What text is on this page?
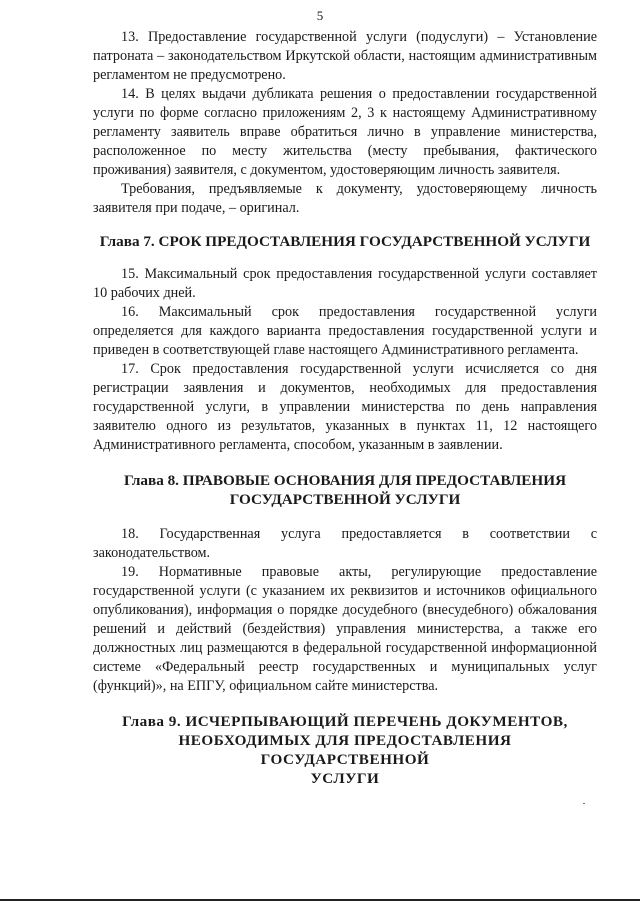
5

13. Предоставление государственной услуги (подуслуги) – Установление патроната – законодательством Иркутской области, настоящим административным регламентом не предусмотрено.

14. В целях выдачи дубликата решения о предоставлении государственной услуги по форме согласно приложениям 2, 3 к настоящему Административному регламенту заявитель вправе обратиться лично в управление министерства, расположенное по месту жительства (месту пребывания, фактического проживания) заявителя, с документом, удостоверяющим личность заявителя.

Требования, предъявляемые к документу, удостоверяющему личность заявителя при подаче, – оригинал.

Глава 7. СРОК ПРЕДОСТАВЛЕНИЯ ГОСУДАРСТВЕННОЙ УСЛУГИ

15. Максимальный срок предоставления государственной услуги составляет 10 рабочих дней.

16. Максимальный срок предоставления государственной услуги определяется для каждого варианта предоставления государственной услуги и приведен в соответствующей главе настоящего Административного регламента.

17. Срок предоставления государственной услуги исчисляется со дня регистрации заявления и документов, необходимых для предоставления государственной услуги, в управлении министерства по день направления заявителю одного из результатов, указанных в пунктах 11, 12 настоящего Административного регламента, способом, указанным в заявлении.

Глава 8. ПРАВОВЫЕ ОСНОВАНИЯ ДЛЯ ПРЕДОСТАВЛЕНИЯ
ГОСУДАРСТВЕННОЙ УСЛУГИ

18. Государственная услуга предоставляется в соответствии с законодательством.

19. Нормативные правовые акты, регулирующие предоставление государственной услуги (с указанием их реквизитов и источников официального опубликования), информация о порядке досудебного (внесудебного) обжалования решений и действий (бездействия) управления министерства, а также его должностных лиц размещаются в федеральной государственной информационной системе «Федеральный реестр государственных и муниципальных услуг (функций)», на ЕПГУ, официальном сайте министерства.

Глава 9. ИСЧЕРПЫВАЮЩИЙ ПЕРЕЧЕНЬ ДОКУМЕНТОВ,
НЕОБХОДИМЫХ ДЛЯ ПРЕДОСТАВЛЕНИЯ ГОСУДАРСТВЕННОЙ
УСЛУГИ
